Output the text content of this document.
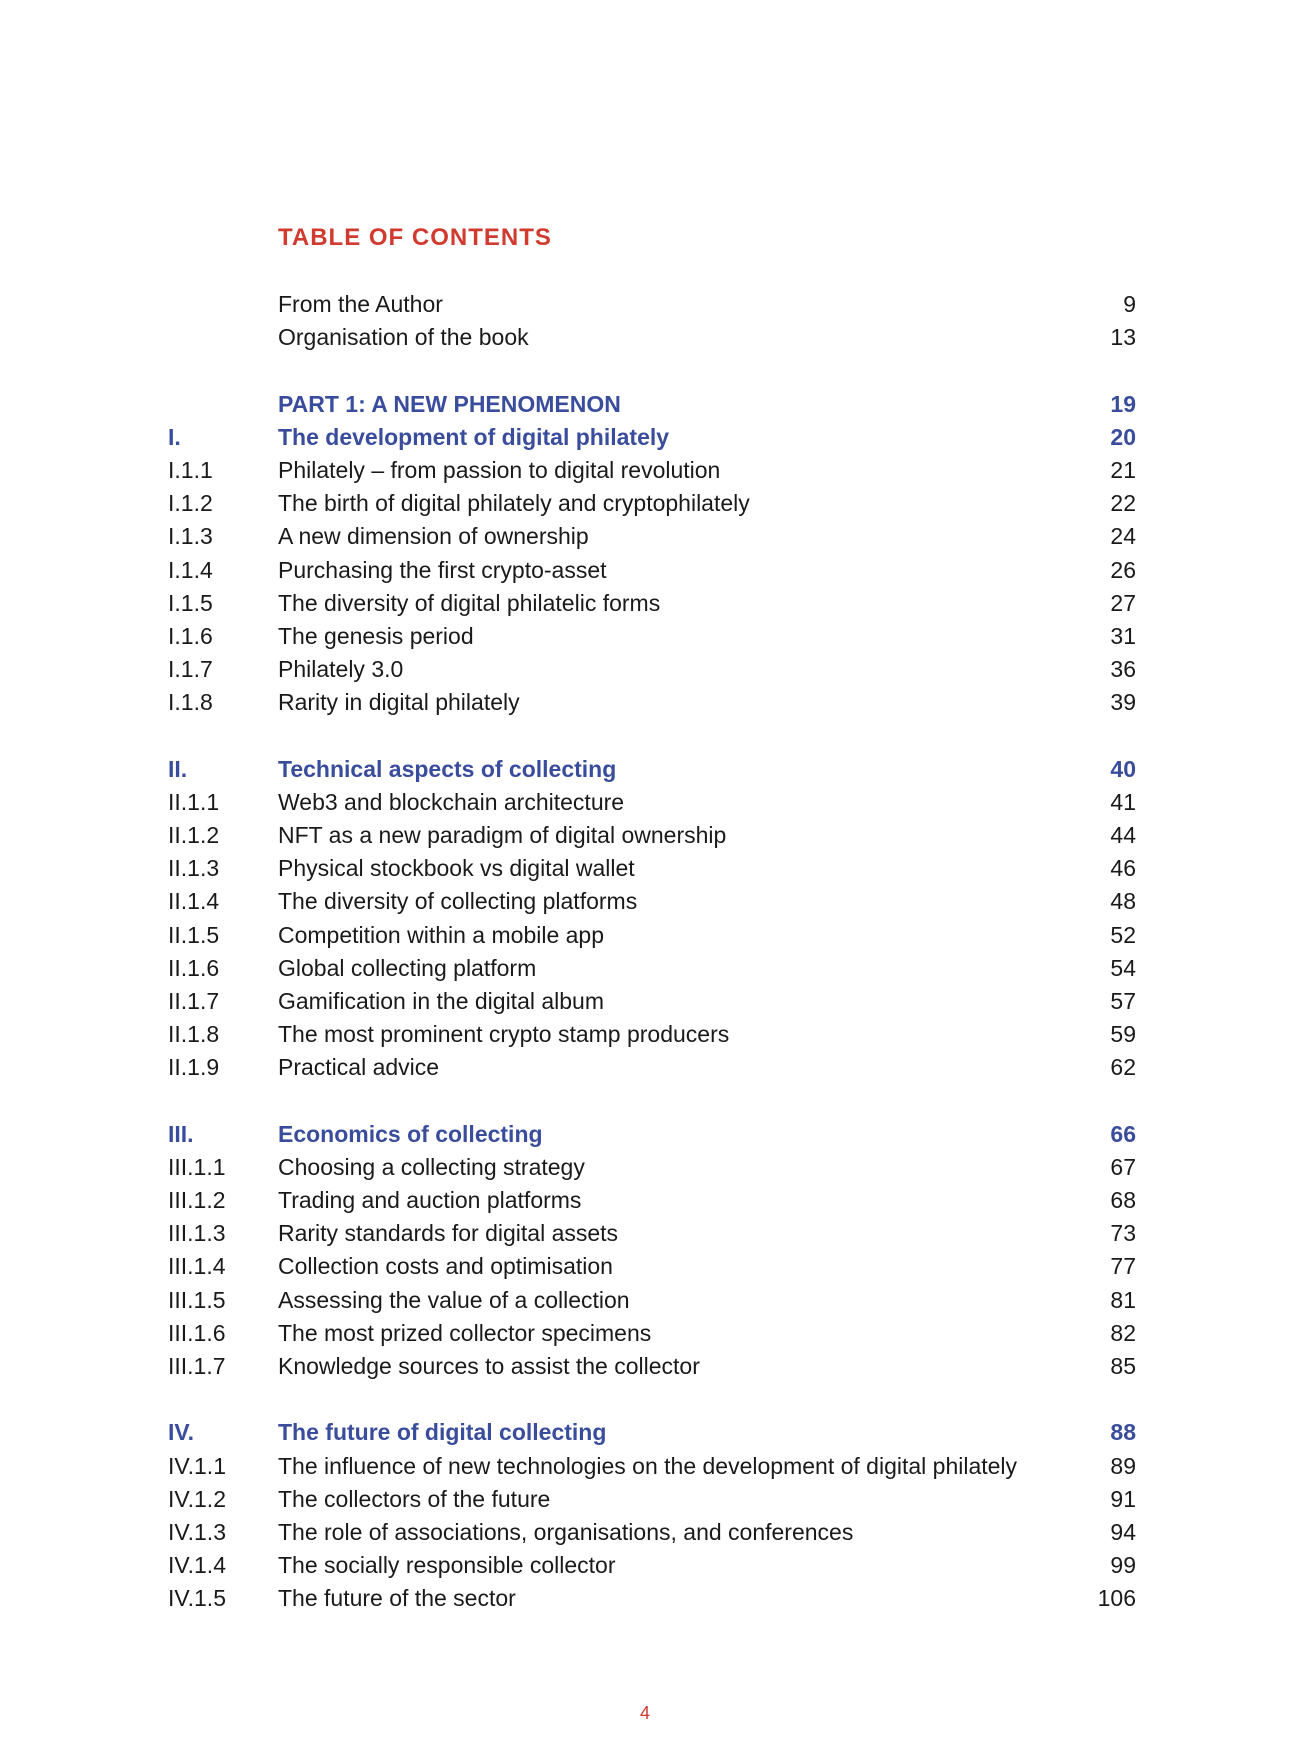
TABLE OF CONTENTS
From the Author	9
Organisation of the book	13
PART 1: A NEW PHENOMENON	19
I.	The development of digital philately	20
I.1.1	Philately – from passion to digital revolution	21
I.1.2	The birth of digital philately and cryptophilately	22
I.1.3	A new dimension of ownership	24
I.1.4	Purchasing the first crypto-asset	26
I.1.5	The diversity of digital philatelic forms	27
I.1.6	The genesis period	31
I.1.7	Philately 3.0	36
I.1.8	Rarity in digital philately	39
II.	Technical aspects of collecting	40
II.1.1	Web3 and blockchain architecture	41
II.1.2	NFT as a new paradigm of digital ownership	44
II.1.3	Physical stockbook vs digital wallet	46
II.1.4	The diversity of collecting platforms	48
II.1.5	Competition within a mobile app	52
II.1.6	Global collecting platform	54
II.1.7	Gamification in the digital album	57
II.1.8	The most prominent crypto stamp producers	59
II.1.9	Practical advice	62
III.	Economics of collecting	66
III.1.1 Choosing a collecting strategy	67
III.1.2 Trading and auction platforms	68
III.1.3 Rarity standards for digital assets	73
III.1.4 Collection costs and optimisation	77
III.1.5 Assessing the value of a collection	81
III.1.6 The most prized collector specimens	82
III.1.7 Knowledge sources to assist the collector	85
IV.	The future of digital collecting	88
IV.1.1 The influence of new technologies on the development of digital philately	89
IV.1.2 The collectors of the future	91
IV.1.3 The role of associations, organisations, and conferences	94
IV.1.4 The socially responsible collector	99
IV.1.5 The future of the sector	106
4
